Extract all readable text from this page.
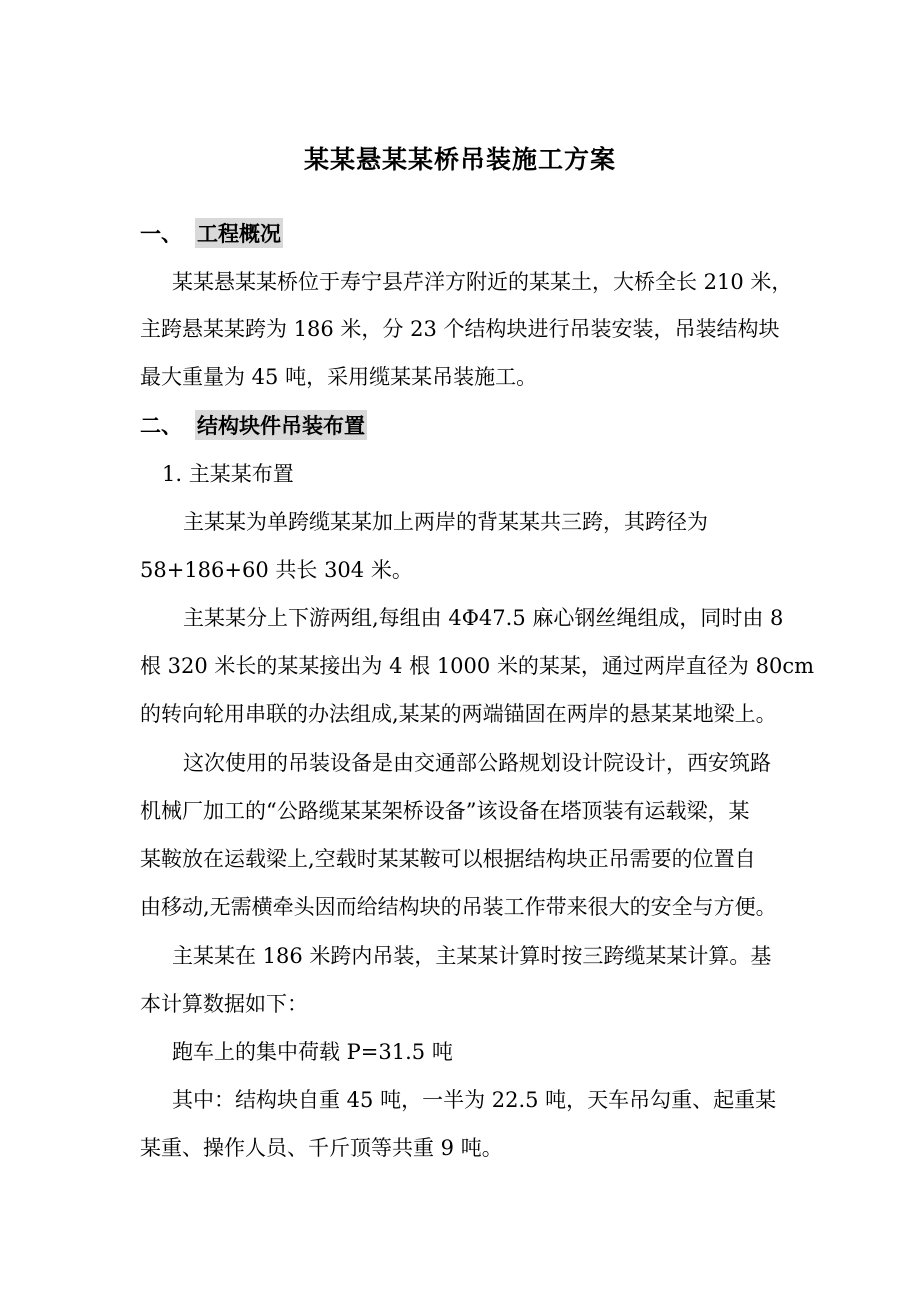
某某悬某某桥吊装施工方案
一、 工程概况
某某悬某某桥位于寿宁县芹洋方附近的某某土，大桥全长 210 米，
主跨悬某某跨为 186 米，分 23 个结构块进行吊装安装，吊装结构块
最大重量为 45 吨，采用缆某某吊装施工。
二、 结构块件吊装布置
1. 主某某布置
主某某为单跨缆某某加上两岸的背某某共三跨，其跨径为
58+186+60 共长 304 米。
主某某分上下游两组,每组由 4Φ47.5 麻心钢丝绳组成，同时由 8
根 320 米长的某某接出为 4 根 1000 米的某某，通过两岸直径为 80cm
的转向轮用串联的办法组成,某某的两端锚固在两岸的悬某某地梁上。
这次使用的吊装设备是由交通部公路规划设计院设计，西安筑路
机械厂加工的“公路缆某某架桥设备”该设备在塔顶装有运载梁，某
某鞍放在运载梁上,空载时某某鞍可以根据结构块正吊需要的位置自
由移动,无需横牵头因而给结构块的吊装工作带来很大的安全与方便。
主某某在 186 米跨内吊装，主某某计算时按三跨缆某某计算。基
本计算数据如下：
跑车上的集中荷载 P=31.5 吨
其中：结构块自重 45 吨，一半为 22.5 吨，天车吊勾重、起重某
某重、操作人员、千斤顶等共重 9 吨。
